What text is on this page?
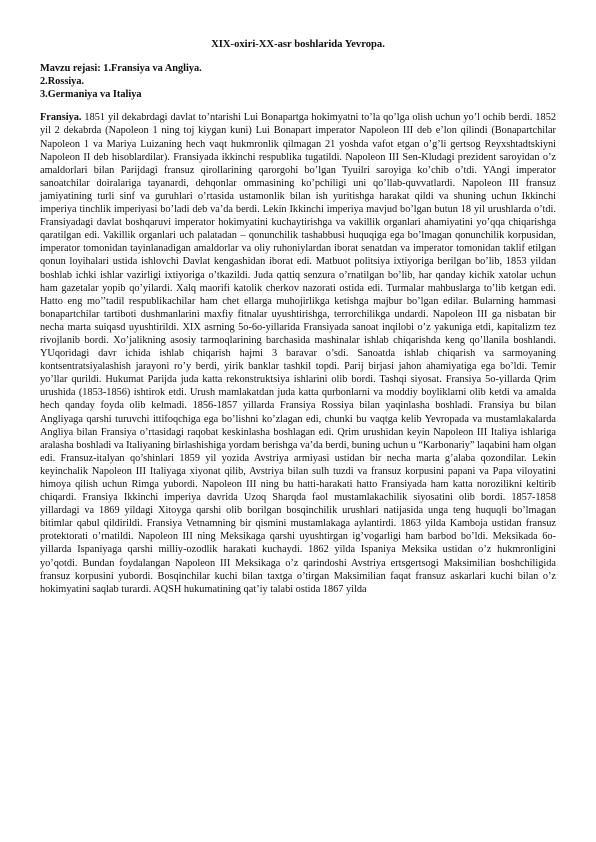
XIX-oxiri-XX-asr boshlarida Yevropa.
Mavzu rejasi: 1.Fransiya va Angliya.
2.Rossiya.
3.Germaniya va Italiya

Fransiya. 1851 yil dekabrdagi davlat to’ntarishi Lui Bonapartga hokimyatni to’la qo’lga olish uchun yo’l ochib berdi. 1852 yil 2 dekabrda (Napoleon 1 ning toj kiygan kuni) Lui Bonapart imperator Napoleon III deb e’lon qilindi (Bonapartchilar Napoleon 1 va Mariya Luizaning hech vaqt hukmronlik qilmagan 21 yoshda vafot etgan o’g’li gertsog Reyxshtadtskiyni Napoleon II deb hisoblardilar). Fransiyada ikkinchi respublika tugatildi. Napoleon III Sen-Kludagi prezident saroyidan o’z amaldorlari bilan Parijdagi fransuz qirollarining qarorgohi bo’lgan Tyuilri saroyiga ko’chib o’tdi. YAngi imperator sanoatchilar doiralariga tayanardi, dehqonlar ommasining ko’pchiligi uni qo’llab-quvvatlardi. Napoleon III fransuz jamiyatining turli sinf va guruhlari o’rtasida ustamonlik bilan ish yuritishga harakat qildi va shuning uchun Ikkinchi imperiya tinchlik imperiyasi bo’ladi deb va’da berdi. Lekin Ikkinchi imperiya mavjud bo’lgan butun 18 yil urushlarda o’tdi. Fransiyadagi davlat boshqaruvi imperator hokimyatini kuchaytirishga va vakillik organlari ahamiyatini yo’qqa chiqarishga qaratilgan edi. Vakillik organlari uch palatadan – qonunchilik tashabbusi huquqiga ega bo’lmagan qonunchilik korpusidan, imperator tomonidan tayinlanadigan amaldorlar va oliy ruhoniylardan iborat senatdan va imperator tomonidan taklif etilgan qonun loyihalari ustida ishlovchi Davlat kengashidan iborat edi. Matbuot politsiya ixtiyoriga berilgan bo’lib, 1853 yildan boshlab ichki ishlar vazirligi ixtiyoriga o’tkazildi. Juda qattiq senzura o’rnatilgan bo’lib, har qanday kichik xatolar uchun ham gazetalar yopib qo’yilardi. Xalq maorifi katolik cherkov nazorati ostida edi. Turmalar mahbuslarga to’lib ketgan edi. Hatto eng mo’’tadil respublikachilar ham chet ellarga muhojirlikga ketishga majbur bo’lgan edilar. Bularning hammasi bonapartchilar tartiboti dushmanlarini maxfiy fitnalar uyushtirishga, terrorchilikga undardi. Napoleon III ga nisbatan bir necha marta suiqasd uyushtirildi. XIX asrning 5o-6o-yillarida Fransiyada sanoat inqilobi o’z yakuniga etdi, kapitalizm tez rivojlanib bordi. Xo’jalikning asosiy tarmoqlarining barchasida mashinalar ishlab chiqarishda keng qo’llanila boshlandi. YUqoridagi davr ichida ishlab chiqarish hajmi 3 baravar o’sdi. Sanoatda ishlab chiqarish va sarmoyaning kontsentratsiyalashish jarayoni ro’y berdi, yirik banklar tashkil topdi. Parij birjasi jahon ahamiyatiga ega bo’ldi. Temir yo’llar qurildi. Hukumat Parijda juda katta rekonstruktsiya ishlarini olib bordi. Tashqi siyosat. Fransiya 5o-yillarda Qrim urushida (1853-1856) ishtirok etdi. Urush mamlakatdan juda katta qurbonlarni va moddiy boyliklarni olib ketdi va amalda hech qanday foyda olib kelmadi. 1856-1857 yillarda Fransiya Rossiya bilan yaqinlasha boshladi. Fransiya bu bilan Angliyaga qarshi turuvchi ittifoqchiga ega bo’lishni ko’zlagan edi, chunki bu vaqtga kelib Yevropada va mustamlakalarda Angliya bilan Fransiya o’rtasidagi raqobat keskinlasha boshlagan edi. Qrim urushidan keyin Napoleon III Italiya ishlariga aralasha boshladi va Italiyaning birlashishiga yordam berishga va’da berdi, buning uchun u “Karbonariy” laqabini ham olgan edi. Fransuz-italyan qo’shinlari 1859 yil yozida Avstriya armiyasi ustidan bir necha marta g’alaba qozondilar. Lekin keyinchalik Napoleon III Italiyaga xiyonat qilib, Avstriya bilan sulh tuzdi va fransuz korpusini papani va Papa viloyatini himoya qilish uchun Rimga yubordi. Napoleon III ning bu hatti-harakati hatto Fransiyada ham katta norozilikni keltirib chiqardi. Fransiya Ikkinchi imperiya davrida Uzoq Sharqda faol mustamlakachilik siyosatini olib bordi. 1857-1858 yillardagi va 1869 yildagi Xitoyga qarshi olib borilgan bosqinchilik urushlari natijasida unga teng huquqli bo’lmagan bitimlar qabul qildirildi. Fransiya Vetnamning bir qismini mustamlakaga aylantirdi. 1863 yilda Kamboja ustidan fransuz protektorati o’rnatildi. Napoleon III ning Meksikaga qarshi uyushtirgan ig’vogarligi ham barbod bo’ldi. Meksikada 6o-yillarda Ispaniyaga qarshi milliy-ozodlik harakati kuchaydi. 1862 yilda Ispaniya Meksika ustidan o’z hukmronligini yo’qotdi. Bundan foydalangan Napoleon III Meksikaga o’z qarindoshi Avstriya ertsgertsogi Maksimilian boshchiligida fransuz korpusini yubordi. Bosqinchilar kuchi bilan taxtga o’tirgan Maksimilian faqat fransuz askarlari kuchi bilan o’z hokimyatini saqlab turardi. AQSH hukumatining qat’iy talabi ostida 1867 yilda
